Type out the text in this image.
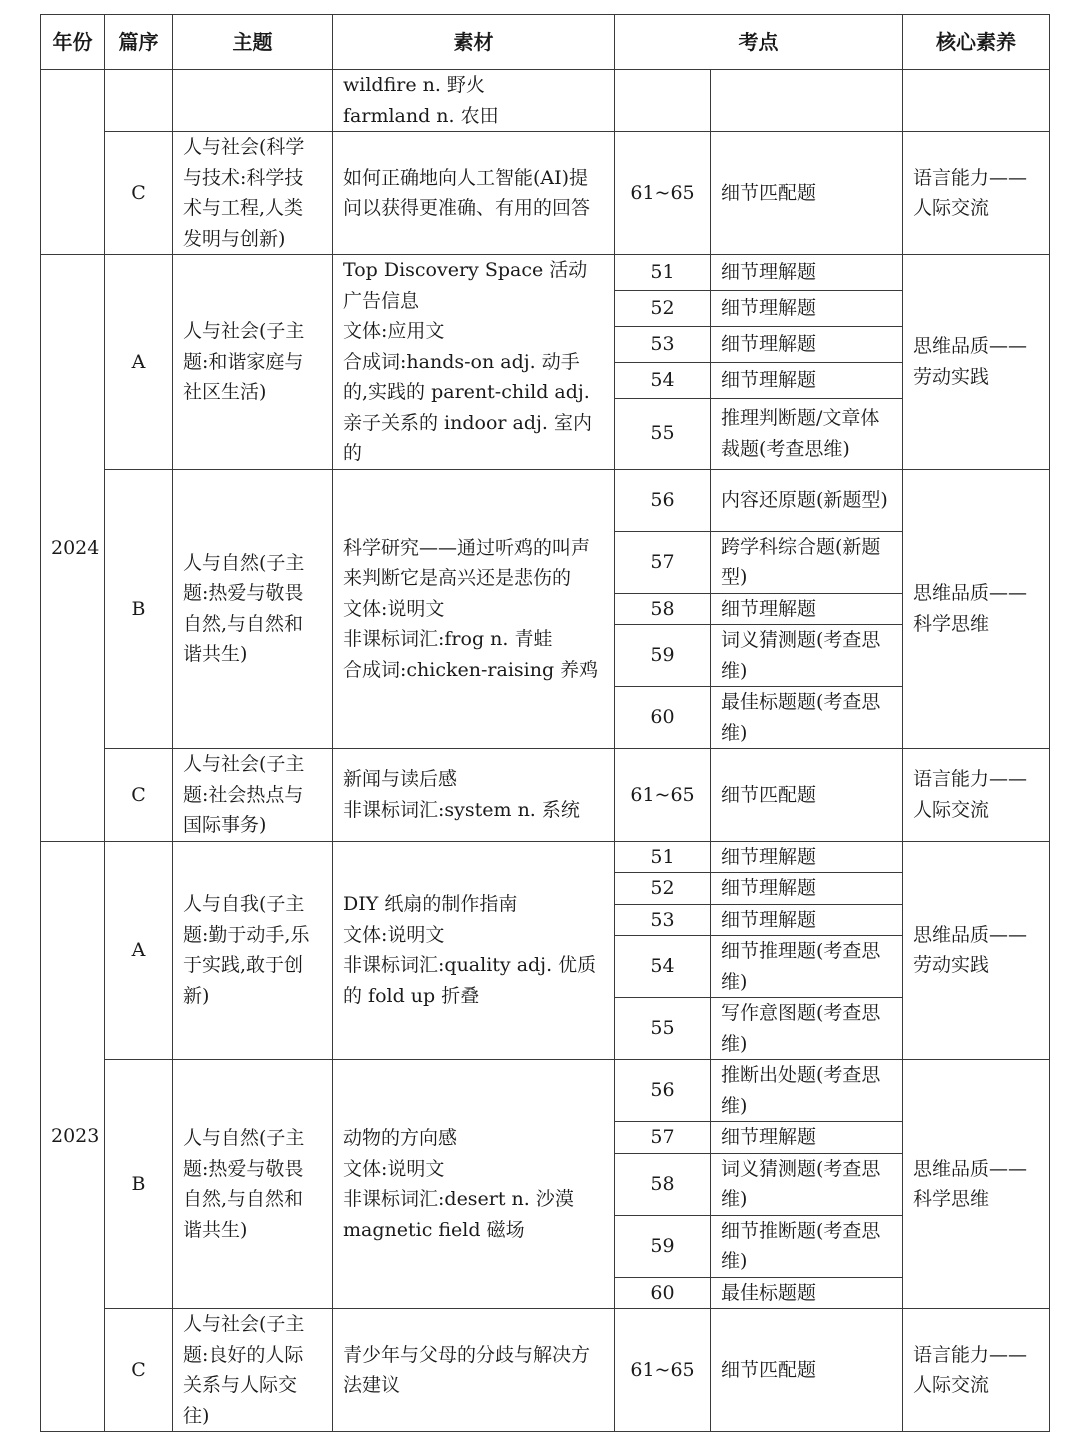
年份	篇序	主题	素材	考点		核心素养
			wildfire n. 野火
farmland n. 农田			
	C	人与社会(科学与技术:科学技术与工程,人类发明与创新)	如何正确地向人工智能(AI)提问以获得更准确、有用的回答	61~65	细节匹配题	语言能力——人际交流
2024	A	人与社会(子主题:和谐家庭与社区生活)	Top Discovery Space 活动广告信息
文体:应用文
合成词:hands-on adj. 动手的,实践的 parent-child adj. 亲子关系的 indoor adj. 室内的	51	细节理解题	思维品质——劳动实践
				52	细节理解题	
				53	细节理解题	
				54	细节理解题	
				55	推理判断题/文章体裁题(考查思维)	
	B	人与自然(子主题:热爱与敬畏自然,与自然和谐共生)	科学研究——通过听鸡的叫声来判断它是高兴还是悲伤的
文体:说明文
非课标词汇:frog n. 青蛙
合成词:chicken-raising 养鸡	56	内容还原题(新题型)	思维品质——科学思维
				57	跨学科综合题(新题型)	
				58	细节理解题	
				59	词义猜测题(考查思维)	
				60	最佳标题题(考查思维)	
	C	人与社会(子主题:社会热点与国际事务)	新闻与读后感
非课标词汇:system n. 系统	61~65	细节匹配题	语言能力——人际交流
2023	A	人与自我(子主题:勤于动手,乐于实践,敢于创新)	DIY 纸扇的制作指南
文体:说明文
非课标词汇:quality adj. 优质的 fold up 折叠	51	细节理解题	思维品质——劳动实践
				52	细节理解题	
				53	细节理解题	
				54	细节推理题(考查思维)	
				55	写作意图题(考查思维)	
	B	人与自然(子主题:热爱与敬畏自然,与自然和谐共生)	动物的方向感
文体:说明文
非课标词汇:desert n. 沙漠
magnetic field 磁场	56	推断出处题(考查思维)	思维品质——科学思维
				57	细节理解题	
				58	词义猜测题(考查思维)	
				59	细节推断题(考查思维)	
				60	最佳标题题	
	C	人与社会(子主题:良好的人际关系与人际交往)	青少年与父母的分歧与解决方法建议	61~65	细节匹配题	语言能力——人际交流
